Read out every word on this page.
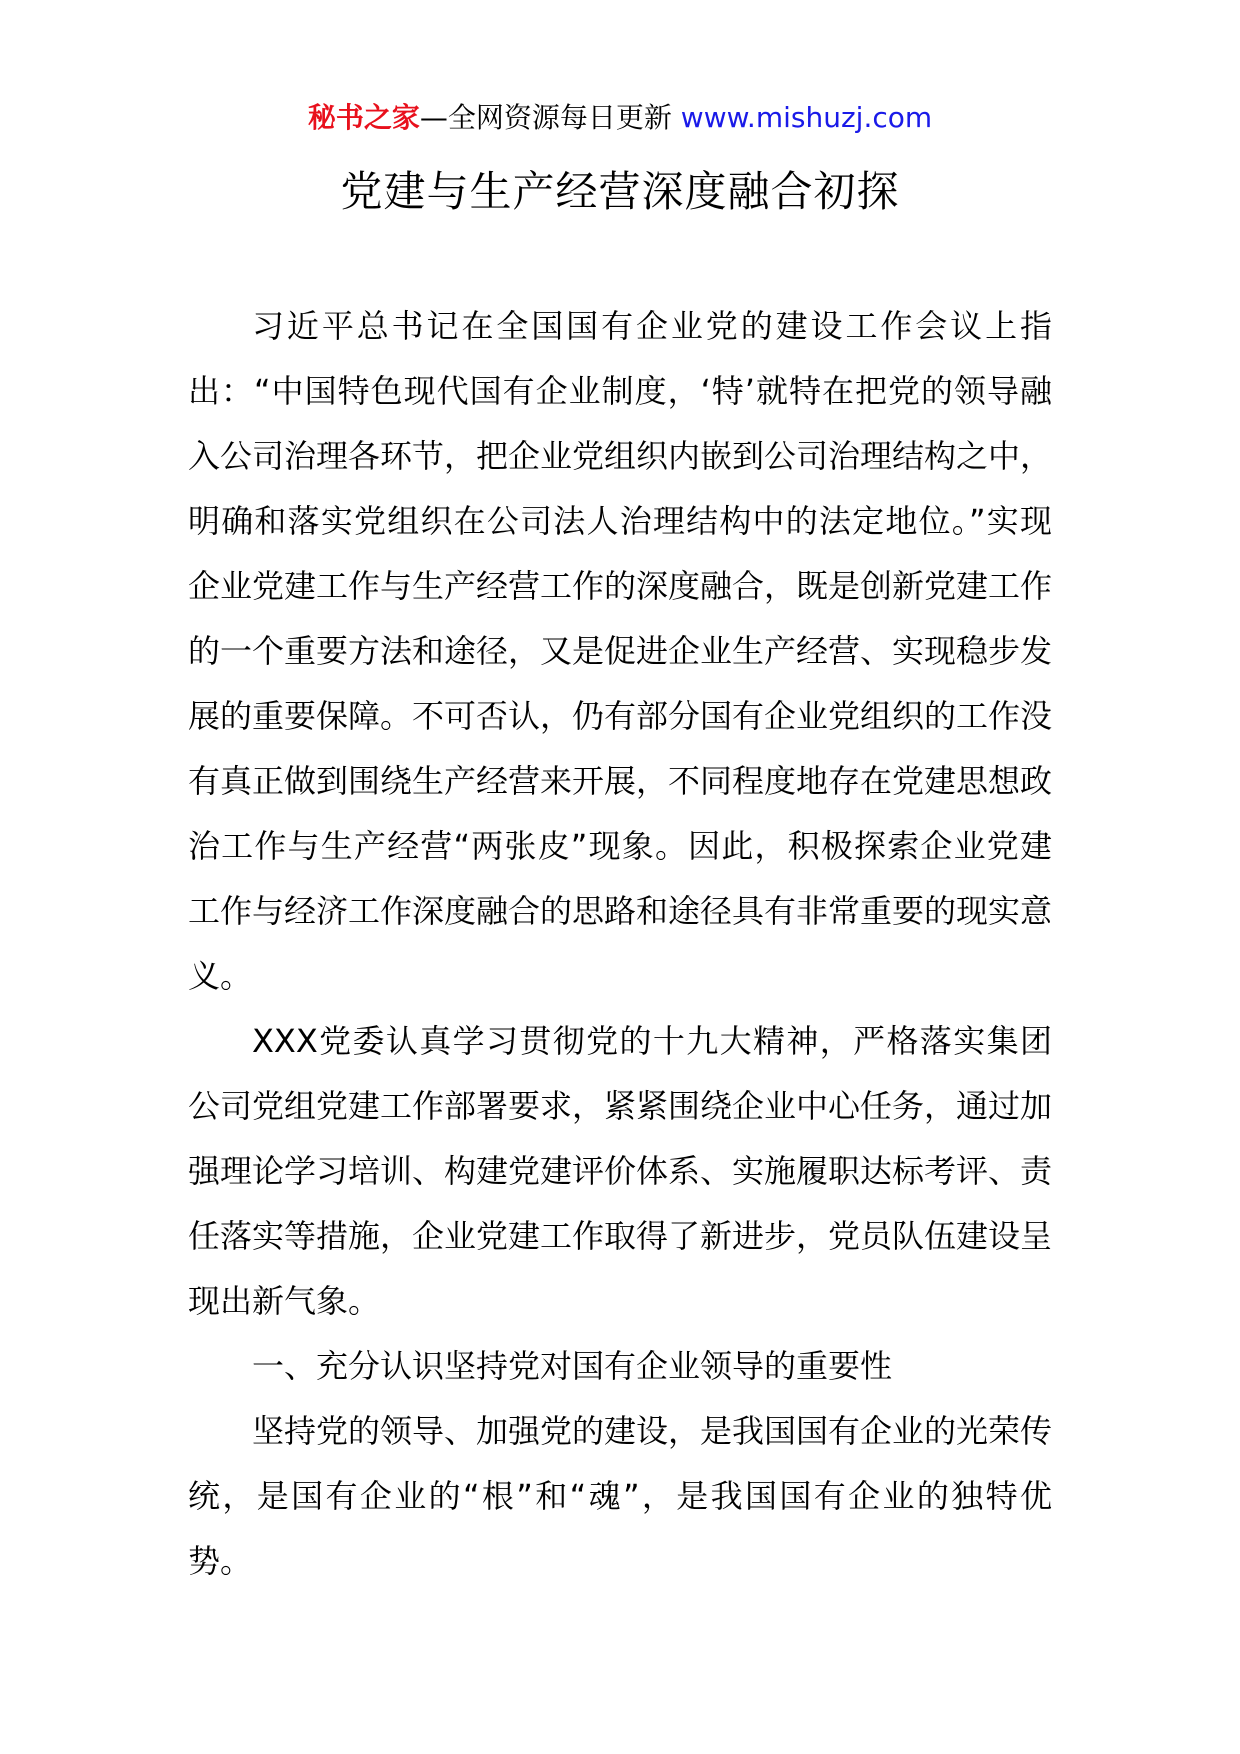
秘书之家—全网资源每日更新 www.mishuzj.com
党建与生产经营深度融合初探

习近平总书记在全国国有企业党的建设工作会议上指出：“中国特色现代国有企业制度，‘特’就特在把党的领导融入公司治理各环节，把企业党组织内嵌到公司治理结构之中，明确和落实党组织在公司法人治理结构中的法定地位。”实现企业党建工作与生产经营工作的深度融合，既是创新党建工作的一个重要方法和途径，又是促进企业生产经营、实现稳步发展的重要保障。不可否认，仍有部分国有企业党组织的工作没有真正做到围绕生产经营来开展，不同程度地存在党建思想政治工作与生产经营“两张皮”现象。因此，积极探索企业党建工作与经济工作深度融合的思路和途径具有非常重要的现实意义。

XXX党委认真学习贯彻党的十九大精神，严格落实集团公司党组党建工作部署要求，紧紧围绕企业中心任务，通过加强理论学习培训、构建党建评价体系、实施履职达标考评、责任落实等措施，企业党建工作取得了新进步，党员队伍建设呈现出新气象。

一、充分认识坚持党对国有企业领导的重要性

坚持党的领导、加强党的建设，是我国国有企业的光荣传统，是国有企业的“根”和“魂”，是我国国有企业的独特优势。
